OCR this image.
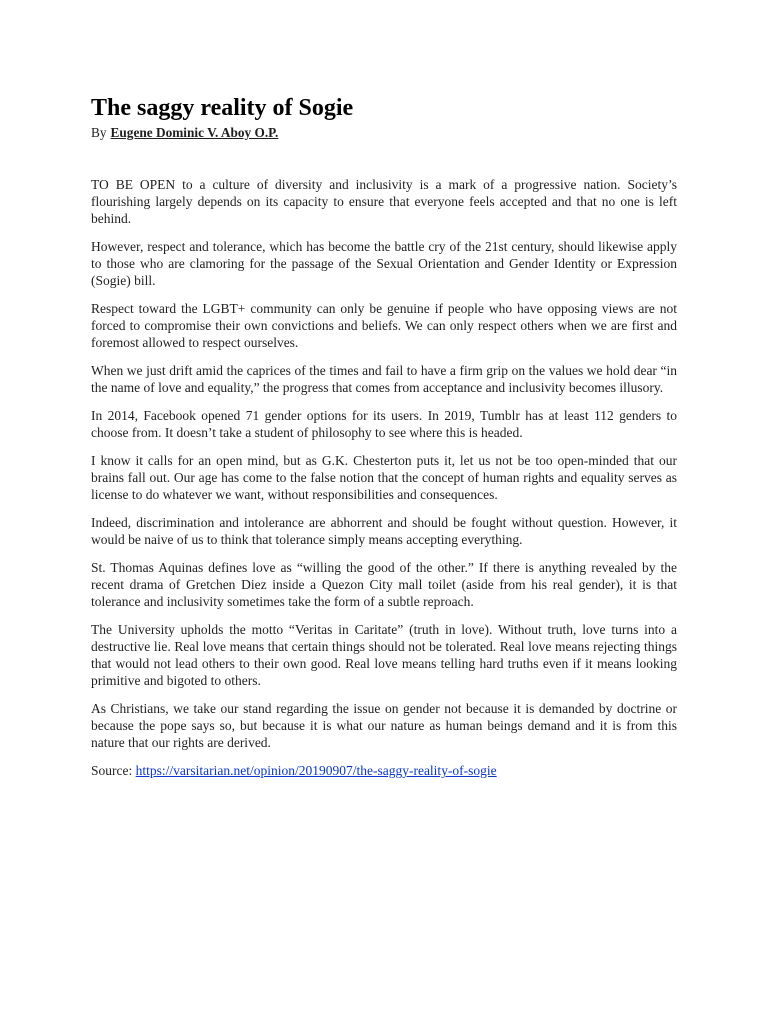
The saggy reality of Sogie
By Eugene Dominic V. Aboy O.P.

TO BE OPEN to a culture of diversity and inclusivity is a mark of a progressive nation. Society’s flourishing largely depends on its capacity to ensure that everyone feels accepted and that no one is left behind.

However, respect and tolerance, which has become the battle cry of the 21st century, should likewise apply to those who are clamoring for the passage of the Sexual Orientation and Gender Identity or Expression (Sogie) bill.

Respect toward the LGBT+ community can only be genuine if people who have opposing views are not forced to compromise their own convictions and beliefs. We can only respect others when we are first and foremost allowed to respect ourselves.

When we just drift amid the caprices of the times and fail to have a firm grip on the values we hold dear “in the name of love and equality,” the progress that comes from acceptance and inclusivity becomes illusory.

In 2014, Facebook opened 71 gender options for its users. In 2019, Tumblr has at least 112 genders to choose from. It doesn’t take a student of philosophy to see where this is headed.

I know it calls for an open mind, but as G.K. Chesterton puts it, let us not be too open-minded that our brains fall out. Our age has come to the false notion that the concept of human rights and equality serves as license to do whatever we want, without responsibilities and consequences.

Indeed, discrimination and intolerance are abhorrent and should be fought without question. However, it would be naive of us to think that tolerance simply means accepting everything.

St. Thomas Aquinas defines love as “willing the good of the other.” If there is anything revealed by the recent drama of Gretchen Diez inside a Quezon City mall toilet (aside from his real gender), it is that tolerance and inclusivity sometimes take the form of a subtle reproach.

The University upholds the motto “Veritas in Caritate” (truth in love). Without truth, love turns into a destructive lie. Real love means that certain things should not be tolerated. Real love means rejecting things that would not lead others to their own good. Real love means telling hard truths even if it means looking primitive and bigoted to others.

As Christians, we take our stand regarding the issue on gender not because it is demanded by doctrine or because the pope says so, but because it is what our nature as human beings demand and it is from this nature that our rights are derived.

Source: https://varsitarian.net/opinion/20190907/the-saggy-reality-of-sogie
